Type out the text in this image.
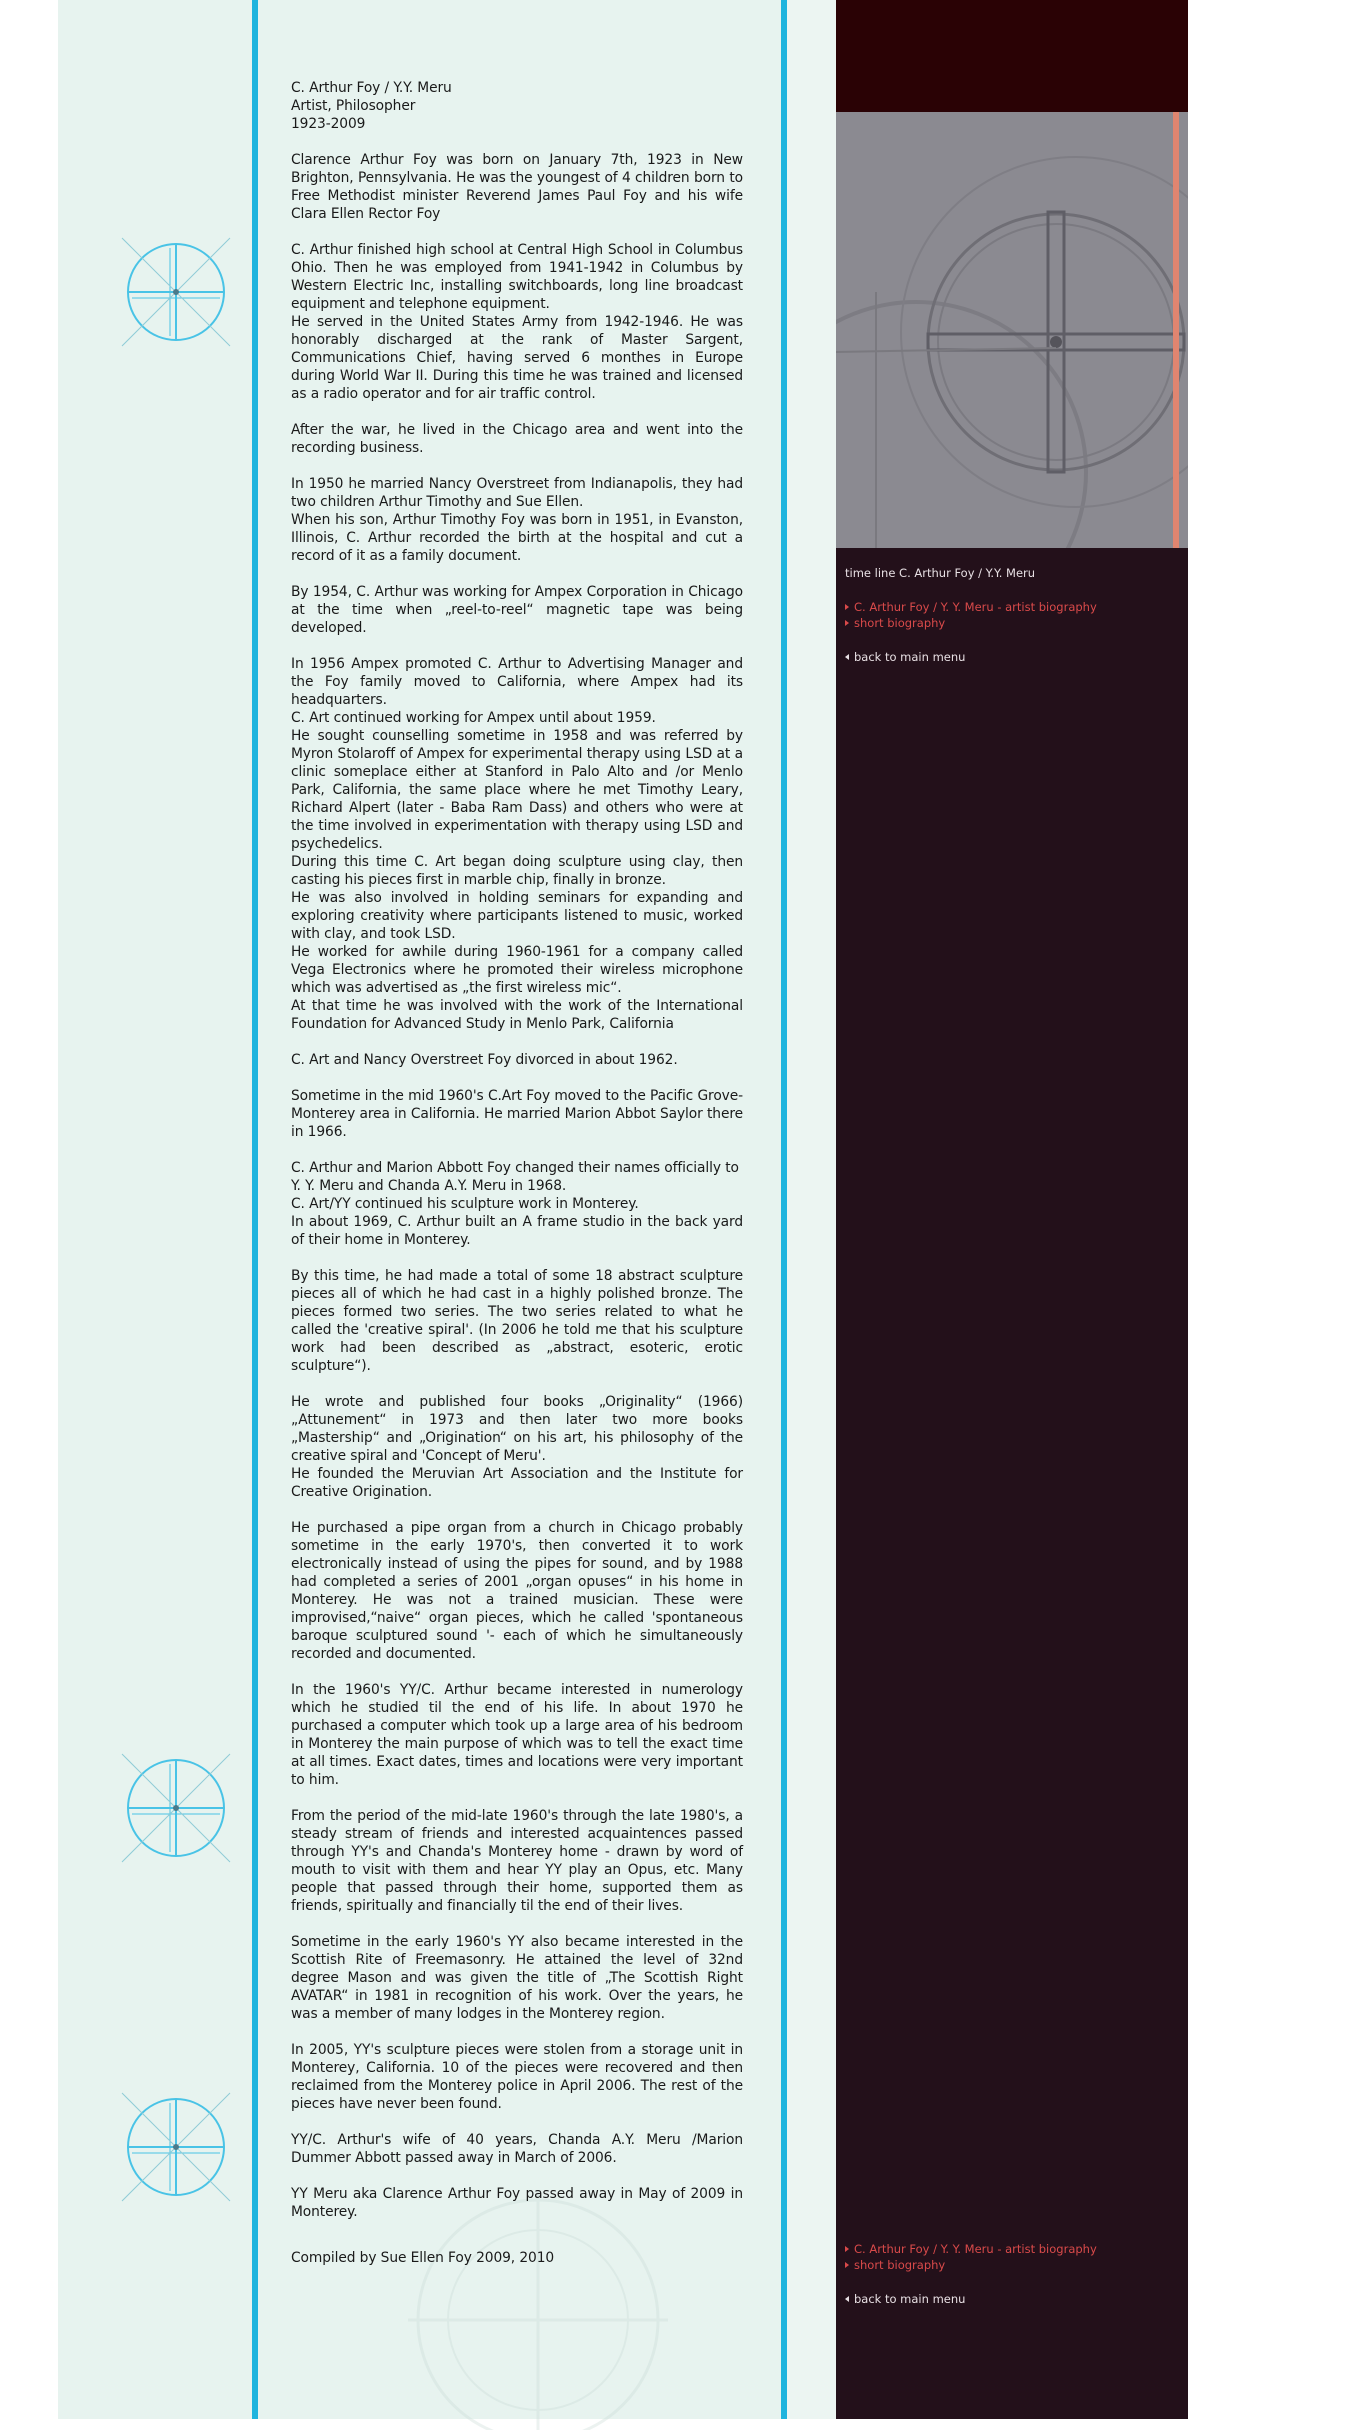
C. Arthur Foy / Y.Y. Meru
Artist, Philosopher
1923-2009

Clarence Arthur Foy was born on January 7th, 1923 in New Brighton, Pennsylvania. He was the youngest of 4 children born to Free Methodist minister Reverend James Paul Foy and his wife Clara Ellen Rector Foy

C. Arthur finished high school at Central High School in Columbus Ohio. Then he was employed from 1941-1942 in Columbus by Western Electric Inc, installing switchboards, long line broadcast equipment and telephone equipment.
He served in the United States Army from 1942-1946. He was honorably discharged at the rank of Master Sargent, Communications Chief, having served 6 monthes in Europe during World War II. During this time he was trained and licensed as a radio operator and for air traffic control.

After the war, he lived in the Chicago area and went into the recording business.

In 1950 he married Nancy Overstreet from Indianapolis, they had two children Arthur Timothy and Sue Ellen.
When his son, Arthur Timothy Foy was born in 1951, in Evanston, Illinois, C. Arthur recorded the birth at the hospital and cut a record of it as a family document.

By 1954, C. Arthur was working for Ampex Corporation in Chicago at the time when „reel-to-reel“ magnetic tape was being developed.

In 1956 Ampex promoted C. Arthur to Advertising Manager and the Foy family moved to California, where Ampex had its headquarters.
C. Art continued working for Ampex until about 1959.
He sought counselling sometime in 1958 and was referred by Myron Stolaroff of Ampex for experimental therapy using LSD at a clinic someplace either at Stanford in Palo Alto and /or Menlo Park, California, the same place where he met Timothy Leary, Richard Alpert (later - Baba Ram Dass) and others who were at the time involved in experimentation with therapy using LSD and psychedelics.
During this time C. Art began doing sculpture using clay, then casting his pieces first in marble chip, finally in bronze.
He was also involved in holding seminars for expanding and exploring creativity where participants listened to music, worked with clay, and took LSD.
He worked for awhile during 1960-1961 for a company called Vega Electronics where he promoted their wireless microphone which was advertised as „the first wireless mic“.
At that time he was involved with the work of the International Foundation for Advanced Study in Menlo Park, California

C. Art and Nancy Overstreet Foy divorced in about 1962.

Sometime in the mid 1960's C.Art Foy moved to the Pacific Grove-Monterey area in California. He married Marion Abbot Saylor there in 1966.

C. Arthur and Marion Abbott Foy changed their names officially to
Y. Y. Meru and Chanda A.Y. Meru in 1968.
C. Art/YY continued his sculpture work in Monterey.
In about 1969, C. Arthur built an A frame studio in the back yard of their home in Monterey.

By this time, he had made a total of some 18 abstract sculpture pieces all of which he had cast in a highly polished bronze. The pieces formed two series. The two series related to what he called the 'creative spiral'. (In 2006 he told me that his sculpture work had been described as „abstract, esoteric, erotic sculpture“).

He wrote and published four books „Originality“ (1966) „Attunement“ in 1973 and then later two more books „Mastership“ and „Origination“ on his art, his philosophy of the creative spiral and 'Concept of Meru'.
He founded the Meruvian Art Association and the Institute for Creative Origination.

He purchased a pipe organ from a church in Chicago probably sometime in the early 1970's, then converted it to work electronically instead of using the pipes for sound, and by 1988 had completed a series of 2001 „organ opuses“ in his home in Monterey. He was not a trained musician. These were improvised,“naive“ organ pieces, which he called 'spontaneous baroque sculptured sound '- each of which he simultaneously recorded and documented.

In the 1960's YY/C. Arthur became interested in numerology which he studied til the end of his life. In about 1970 he purchased a computer which took up a large area of his bedroom in Monterey the main purpose of which was to tell the exact time at all times. Exact dates, times and locations were very important to him.

From the period of the mid-late 1960's through the late 1980's, a steady stream of friends and interested acquaintences passed through YY's and Chanda's Monterey home - drawn by word of mouth to visit with them and hear YY play an Opus, etc. Many people that passed through their home, supported them as friends, spiritually and financially til the end of their lives.

Sometime in the early 1960's YY also became interested in the Scottish Rite of Freemasonry. He attained the level of 32nd degree Mason and was given the title of „The Scottish Right AVATAR“ in 1981 in recognition of his work. Over the years, he was a member of many lodges in the Monterey region.

In 2005, YY's sculpture pieces were stolen from a storage unit in Monterey, California. 10 of the pieces were recovered and then reclaimed from the Monterey police in April 2006. The rest of the pieces have never been found.

YY/C. Arthur's wife of 40 years, Chanda A.Y. Meru /Marion Dummer Abbott passed away in March of 2006.

YY Meru aka Clarence Arthur Foy passed away in May of 2009 in Monterey.

Compiled by Sue Ellen Foy 2009, 2010

time line C. Arthur Foy / Y.Y. Meru
C. Arthur Foy / Y. Y. Meru - artist biography
short biography
back to main menu
C. Arthur Foy / Y. Y. Meru - artist biography
short biography
back to main menu
